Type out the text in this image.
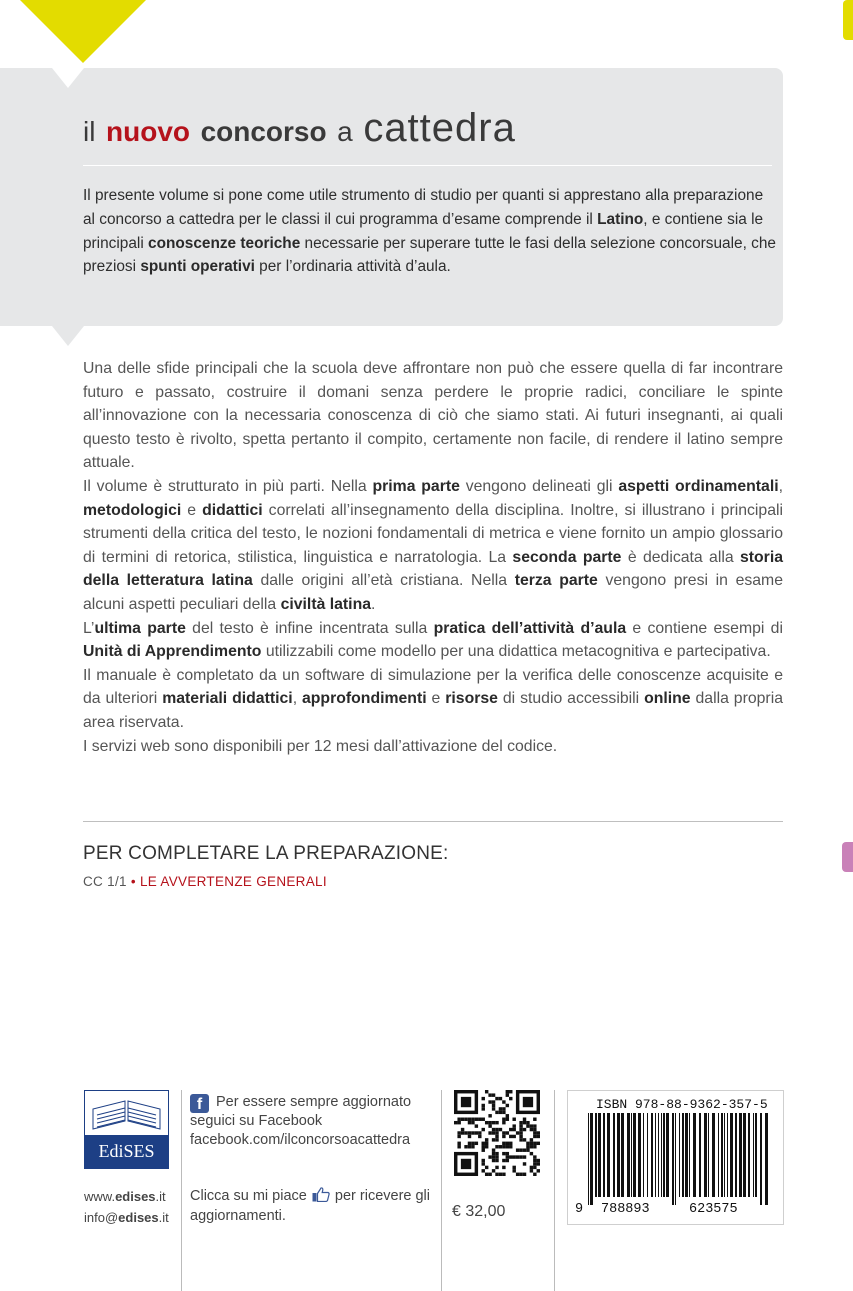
il nuovo concorso a cattedra
Il presente volume si pone come utile strumento di studio per quanti si apprestano alla preparazione al concorso a cattedra per le classi il cui programma d’esame comprende il Latino, e contiene sia le principali conoscenze teoriche necessarie per superare tutte le fasi della selezione concorsuale, che preziosi spunti operativi per l’ordinaria attività d’aula.

Una delle sfide principali che la scuola deve affrontare non può che essere quella di far incontrare futuro e passato, costruire il domani senza perdere le proprie radici, conciliare le spinte all’innovazione con la necessaria conoscenza di ciò che siamo stati. Ai futuri insegnanti, ai quali questo testo è rivolto, spetta pertanto il compito, certamente non facile, di rendere il latino sempre attuale.

Il volume è strutturato in più parti. Nella prima parte vengono delineati gli aspetti ordinamentali, metodologici e didattici correlati all’insegnamento della disciplina. Inoltre, si illustrano i principali strumenti della critica del testo, le nozioni fondamentali di metrica e viene fornito un ampio glossario di termini di retorica, stilistica, linguistica e narratologia. La seconda parte è dedicata alla storia della letteratura latina dalle origini all’età cristiana. Nella terza parte vengono presi in esame alcuni aspetti peculiari della civiltà latina.

L’ultima parte del testo è infine incentrata sulla pratica dell’attività d’aula e contiene esempi di Unità di Apprendimento utilizzabili come modello per una didattica metacognitiva e partecipativa.

Il manuale è completato da un software di simulazione per la verifica delle conoscenze acquisite e da ulteriori materiali didattici, approfondimenti e risorse di studio accessibili online dalla propria area riservata.

I servizi web sono disponibili per 12 mesi dall’attivazione del codice.

PER COMPLETARE LA PREPARAZIONE:
CC 1/1 • LE AVVERTENZE GENERALI
EdiSES
www.edises.it
info@edises.it
f Per essere sempre aggiornato
seguici su Facebook
facebook.com/ilconcorsoacattedra
Clicca su mi piace per ricevere gli aggiornamenti.	€ 32,00
ISBN 978-88-9362-357-5
9 788893	623575
